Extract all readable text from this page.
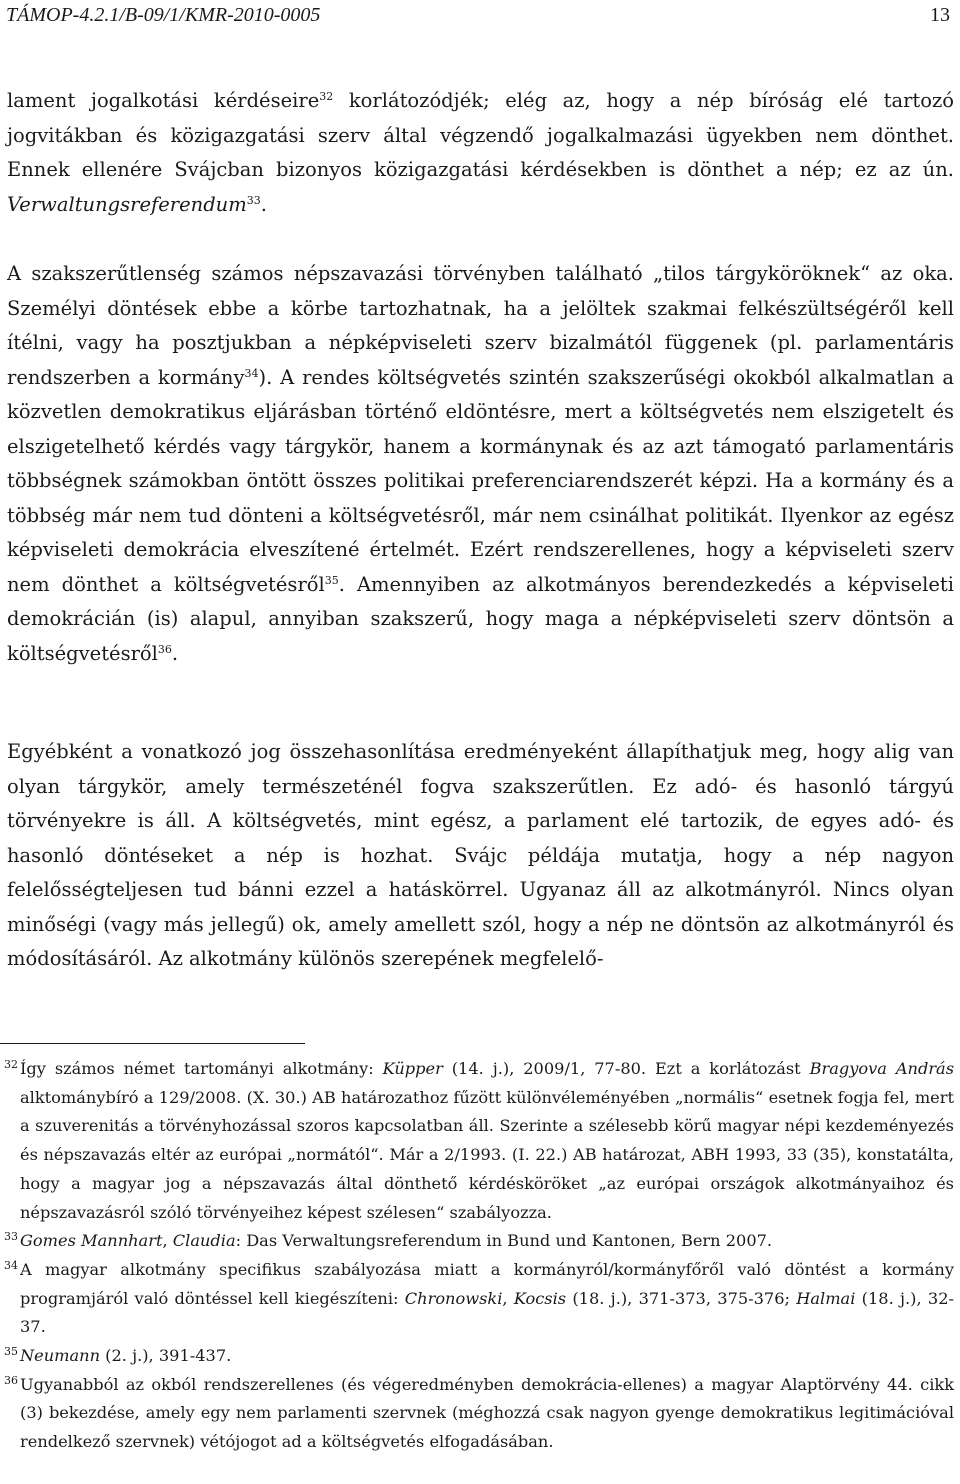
TÁMOP-4.2.1/B-09/1/KMR-2010-0005	13

lament jogalkotási kérdéseire$^{32}$ korlátozódjék; elég az, hogy a nép bíróság elé tartozó jogvitákban és közigazgatási szerv által végzendő jogalkalmazási ügyekben nem dönthet. Ennek ellenére Svájcban bizonyos közigazgatási kérdésekben is dönthet a nép; ez az ún. Verwaltungsreferendum$^{33}$.

A szakszerűtlenség számos népszavazási törvényben található „tilos tárgyköröknek“ az oka. Személyi döntések ebbe a körbe tartozhatnak, ha a jelöltek szakmai felkészültségéről kell ítélni, vagy ha posztjukban a népképviseleti szerv bizalmától függenek (pl. parlamentáris rendszerben a kormány$^{34}$). A rendes költségvetés szintén szakszerűségi okokból alkalmatlan a közvetlen demokratikus eljárásban történő eldöntésre, mert a költségvetés nem elszigetelt és elszigetelhető kérdés vagy tárgykör, hanem a kormánynak és az azt támogató parlamentáris többségnek számokban öntött összes politikai preferenciarendszerét képzi. Ha a kormány és a többség már nem tud dönteni a költségvetésről, már nem csinálhat politikát. Ilyenkor az egész képviseleti demokrácia elveszítené értelmét. Ezért rendszerellenes, hogy a képviseleti szerv nem dönthet a költségvetésről$^{35}$. Amennyiben az alkotmányos berendezkedés a képviseleti demokrácián (is) alapul, annyiban szakszerű, hogy maga a népképviseleti szerv döntsön a költségvetésről$^{36}$.

Egyébként a vonatkozó jog összehasonlítása eredményeként állapíthatjuk meg, hogy alig van olyan tárgykör, amely természeténél fogva szakszerűtlen. Ez adó- és hasonló tárgyú törvényekre is áll. A költségvetés, mint egész, a parlament elé tartozik, de egyes adó- és hasonló döntéseket a nép is hozhat. Svájc példája mutatja, hogy a nép nagyon felelősségteljesen tud bánni ezzel a hatáskörrel. Ugyanaz áll az alkotmányról. Nincs olyan minőségi (vagy más jellegű) ok, amely amellett szól, hogy a nép ne döntsön az alkotmányról és módosításáról. Az alkotmány különös szerepének megfelelő-

32 Így számos német tartományi alkotmány: Küpper (14. j.), 2009/1, 77-80. Ezt a korlátozást Bragyova András alktománybíró a 129/2008. (X. 30.) AB határozathoz fűzött különvéleményében „normális“ esetnek fogja fel, mert a szuverenitás a törvényhozással szoros kapcsolatban áll. Szerinte a szélesebb körű magyar népi kezdeményezés és népszavazás eltér az európai „normától“. Már a 2/1993. (I. 22.) AB határozat, ABH 1993, 33 (35), konstatálta, hogy a magyar jog a népszavazás által dönthető kérdésköröket „az európai országok alkotmányaihoz és népszavazásról szóló törvényeihez képest szélesen“ szabályozza.
33 Gomes Mannhart, Claudia: Das Verwaltungsreferendum in Bund und Kantonen, Bern 2007.
34 A magyar alkotmány specifikus szabályozása miatt a kormányról/kormányfőről való döntést a kormány programjáról való döntéssel kell kiegészíteni: Chronowski, Kocsis (18. j.), 371-373, 375-376; Halmai (18. j.), 32-37.
35 Neumann (2. j.), 391-437.
36 Ugyanabból az okból rendszerellenes (és végeredményben demokrácia-ellenes) a magyar Alaptörvény 44. cikk (3) bekezdése, amely egy nem parlamenti szervnek (méghozzá csak nagyon gyenge demokratikus legitimációval rendelkező szervnek) vétójogot ad a költségvetés elfogadásában.
